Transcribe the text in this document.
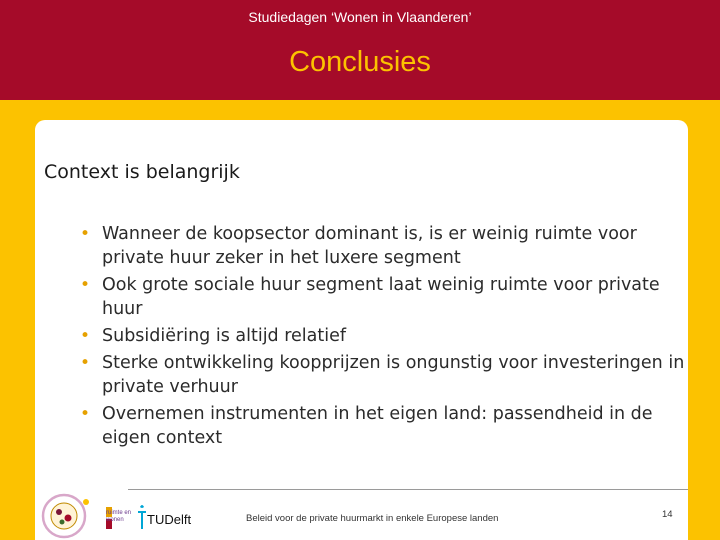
Studiedagen ‘Wonen in Vlaanderen’
Conclusies
Context is belangrijk
• Wanneer de koopsector dominant is, is er weinig ruimte voor private huur zeker in het luxere segment
• Ook grote sociale huur segment laat weinig ruimte voor private huur
• Subsidiëring is altijd relatief
• Sterke ontwikkeling koopprijzen is ongunstig voor investeringen in private verhuur
• Overnemen instrumenten in het eigen land: passendheid in de eigen context
ruimte en
wonen	TUDelft	Beleid voor de private huurmarkt in enkele Europese landen	14
